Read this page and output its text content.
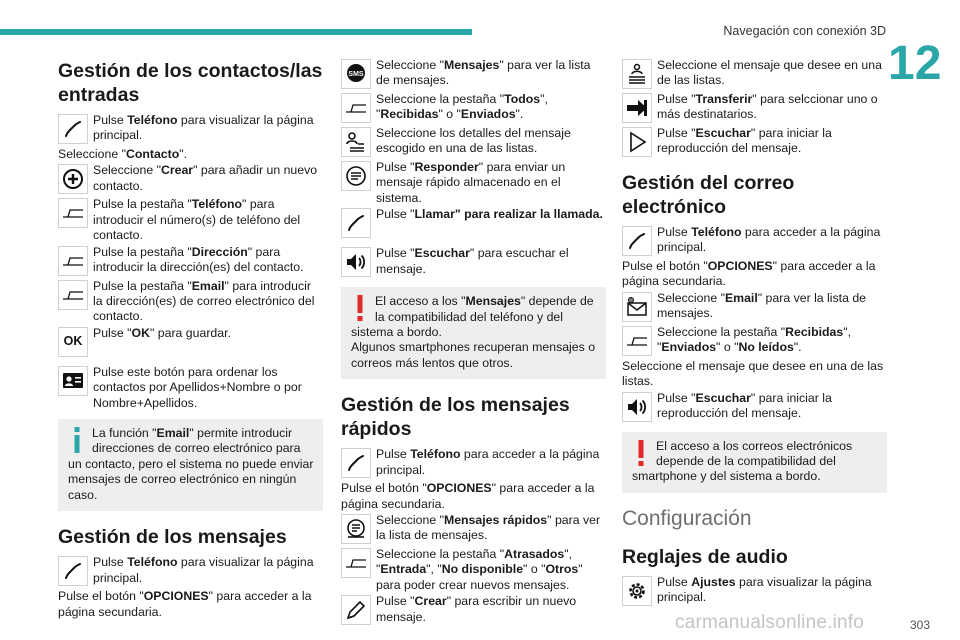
Navegación con conexión 3D
12
Gestión de los contactos/las entradas
Pulse Teléfono para visualizar la página principal.
Seleccione "Contacto".
Seleccione "Crear" para añadir un nuevo contacto.
Pulse la pestaña "Teléfono" para introducir el número(s) de teléfono del contacto.
Pulse la pestaña "Dirección" para introducir la dirección(es) del contacto.
Pulse la pestaña "Email" para introducir la dirección(es) de correo electrónico del contacto.
OK
Pulse "OK" para guardar.
Pulse este botón para ordenar los contactos por Apellidos+Nombre o por Nombre+Apellidos.
La función "Email" permite introducir direcciones de correo electrónico para un contacto, pero el sistema no puede enviar mensajes de correo electrónico en ningún caso.
Gestión de los mensajes
Pulse Teléfono para visualizar la página principal.
Pulse el botón "OPCIONES" para acceder a la página secundaria.
SMS
Seleccione "Mensajes" para ver la lista de mensajes.
Seleccione la pestaña "Todos", "Recibidas" o "Enviados".
Seleccione los detalles del mensaje escogido en una de las listas.
Pulse "Responder" para enviar un mensaje rápido almacenado en el sistema.
Pulse "Llamar" para realizar la llamada.
Pulse "Escuchar" para escuchar el mensaje.
El acceso a los "Mensajes" depende de la compatibilidad del teléfono y del sistema a bordo.
Algunos smartphones recuperan mensajes o correos más lentos que otros.
Gestión de los mensajes rápidos
Pulse Teléfono para acceder a la página principal.
Pulse el botón "OPCIONES" para acceder a la página secundaria.
Seleccione "Mensajes rápidos" para ver la lista de mensajes.
Seleccione la pestaña "Atrasados", "Entrada", "No disponible" o "Otros" para poder crear nuevos mensajes.
Pulse "Crear" para escribir un nuevo mensaje.
Seleccione el mensaje que desee en una de las listas.
Pulse "Transferir" para selccionar uno o más destinatarios.
Pulse "Escuchar" para iniciar la reproducción del mensaje.
Gestión del correo electrónico
Pulse Teléfono para acceder a la página principal.
Pulse el botón "OPCIONES" para acceder a la página secundaria.
@ Seleccione "Email" para ver la lista de mensajes.
Seleccione la pestaña "Recibidas", "Enviados" o "No leídos".
Seleccione el mensaje que desee en una de las listas.
Pulse "Escuchar" para iniciar la reproducción del mensaje.
El acceso a los correos electrónicos depende de la compatibilidad del smartphone y del sistema a bordo.
Configuración
Reglajes de audio
Pulse Ajustes para visualizar la página principal.
carmanualsonline.info	303
